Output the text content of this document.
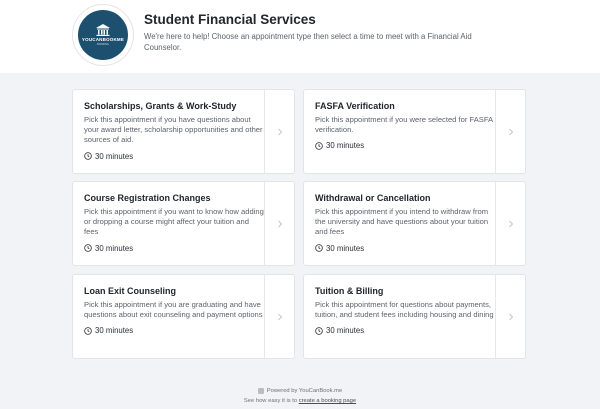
YOUCANBOOKME
BOOKING
Student Financial Services
We're here to help! Choose an appointment type then select a time to meet with a Financial Aid Counselor.
Scholarships, Grants & Work-Study
Pick this appointment if you have questions about your award letter, scholarship opportunities and other sources of aid.
30 minutes
FASFA Verification
Pick this appointment if you were selected for FASFA verification.
30 minutes
Course Registration Changes
Pick this appointment if you want to know how adding or dropping a course might affect your tuition and fees
30 minutes
Withdrawal or Cancellation
Pick this appointment if you intend to withdraw from the university and have questions about your tuition and fees
30 minutes
Loan Exit Counseling
Pick this appointment if you are graduating and have questions about exit counseling and payment options
30 minutes
Tuition & Billing
Pick this appointment for questions about payments, tuition, and student fees including housing and dining
30 minutes
Powered by YouCanBook.me
See how easy it is to create a booking page
